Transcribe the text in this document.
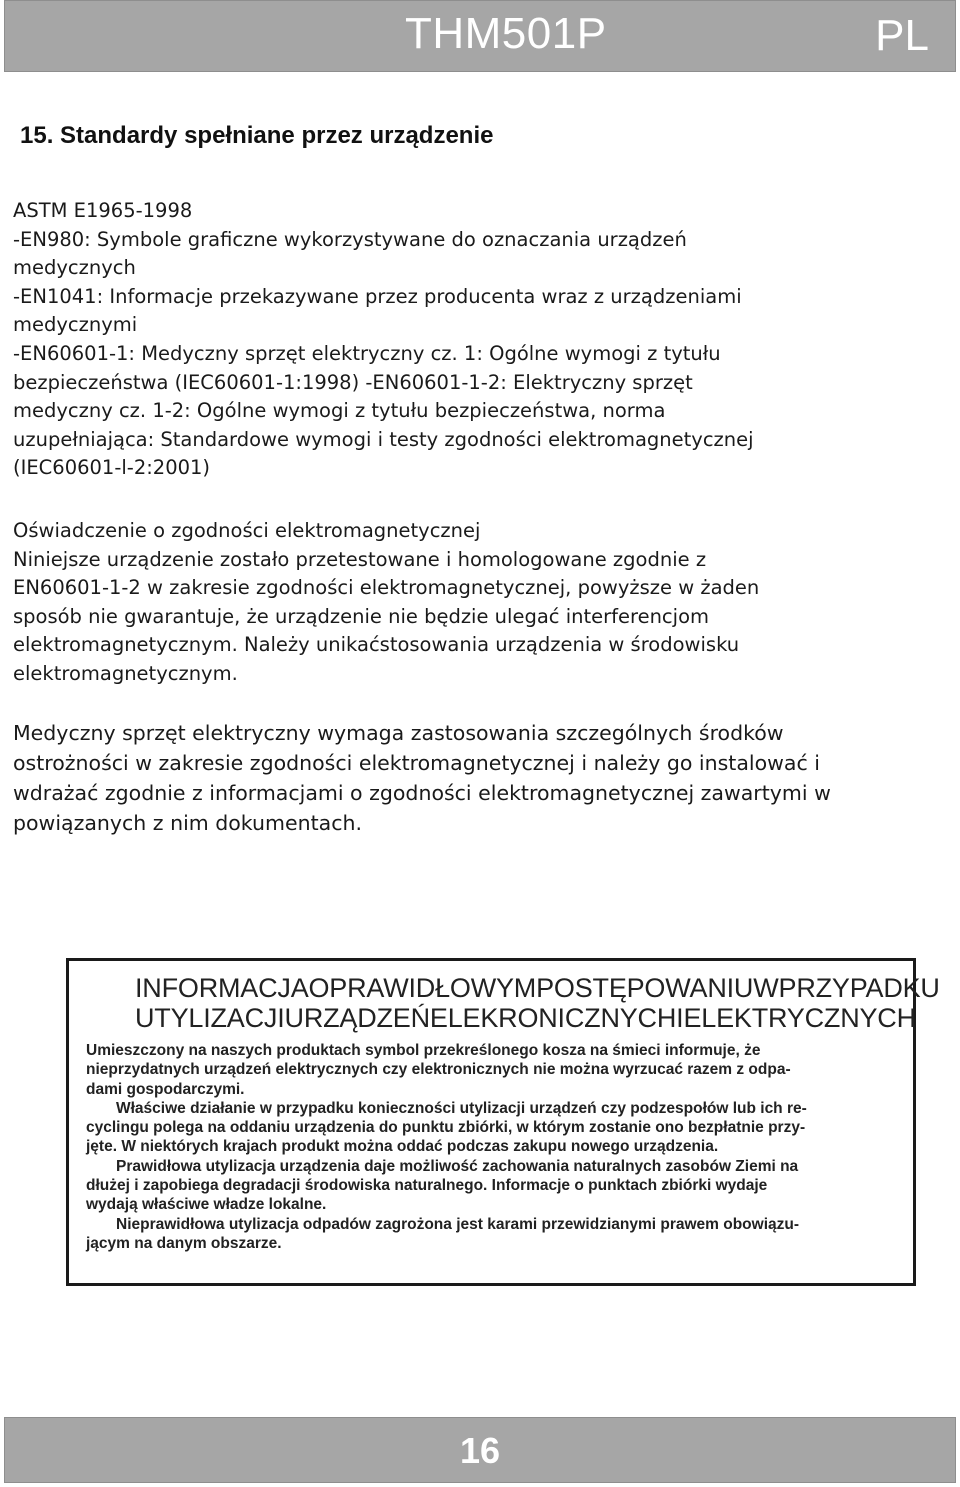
THM501P	PL
15. Standardy spełniane przez urządzenie
ASTM E1965-1998
-EN980: Symbole graficzne wykorzystywane do oznaczania urządzeń
medycznych
-EN1041: Informacje przekazywane przez producenta wraz z urządzeniami
medycznymi
-EN60601-1: Medyczny sprzęt elektryczny cz. 1: Ogólne wymogi z tytułu
bezpieczeństwa (IEC60601-1:1998) -EN60601-1-2: Elektryczny sprzęt
medyczny cz. 1-2: Ogólne wymogi z tytułu bezpieczeństwa, norma
uzupełniająca: Standardowe wymogi i testy zgodności elektromagnetycznej
(IEC60601-l-2:2001)
Oświadczenie o zgodności elektromagnetycznej
Niniejsze urządzenie zostało przetestowane i homologowane zgodnie z
EN60601-1-2 w zakresie zgodności elektromagnetycznej, powyższe w żaden
sposób nie gwarantuje, że urządzenie nie będzie ulegać interferencjom
elektromagnetycznym. Należy unikaćstosowania urządzenia w środowisku
elektromagnetycznym.
Medyczny sprzęt elektryczny wymaga zastosowania szczególnych środków
ostrożności w zakresie zgodności elektromagnetycznej i należy go instalować i
wdrażać zgodnie z informacjami o zgodności elektromagnetycznej zawartymi w
powiązanych z nim dokumentach.
INFORMACJAOPRAWIDŁOWYMPOSTĘPOWANIUWPRZYPADKU
UTYLIZACJIURZĄDZEŃELEKRONICZNYCHIELEKTRYCZNYCH
Umieszczony na naszych produktach symbol przekreślonego kosza na śmieci informuje, że
nieprzydatnych urządzeń elektrycznych czy elektronicznych nie można wyrzucać razem z odpa-
dami gospodarczymi.
Właściwe działanie w przypadku konieczności utylizacji urządzeń czy podzespołów lub ich re-
cyclingu polega na oddaniu urządzenia do punktu zbiórki, w którym zostanie ono bezpłatnie przy-
jęte. W niektórych krajach produkt można oddać podczas zakupu nowego urządzenia.
Prawidłowa utylizacja urządzenia daje możliwość zachowania naturalnych zasobów Ziemi na
dłużej i zapobiega degradacji środowiska naturalnego. Informacje o punktach zbiórki wydaje
wydają właściwe władze lokalne.
Nieprawidłowa utylizacja odpadów zagrożona jest karami przewidzianymi prawem obowiązu-
jącym na danym obszarze.
16
